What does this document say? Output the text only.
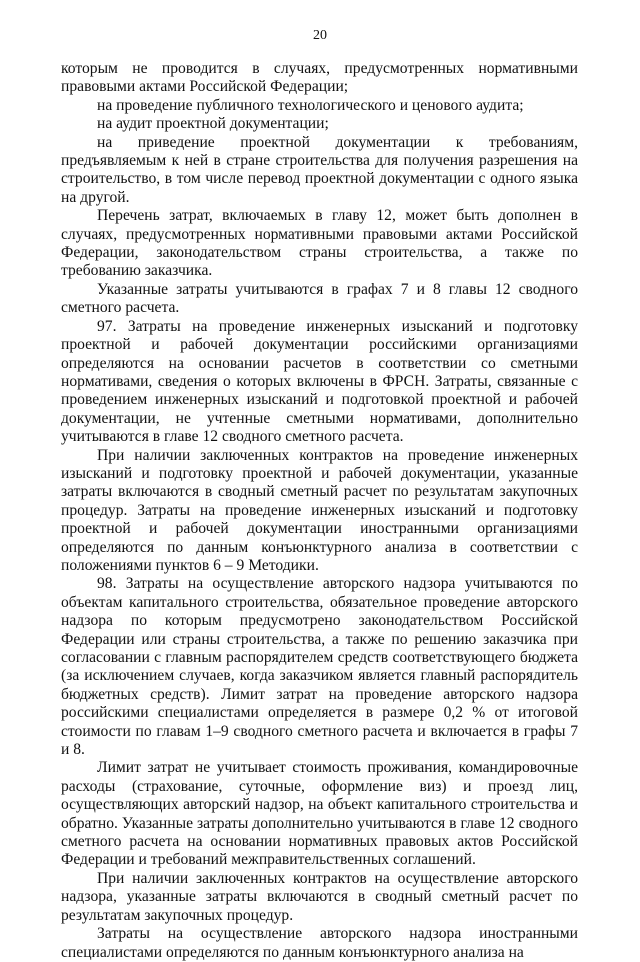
20

которым не проводится в случаях, предусмотренных нормативными правовыми актами Российской Федерации;

на проведение публичного технологического и ценового аудита;

на аудит проектной документации;

на приведение проектной документации к требованиям, предъявляемым к ней в стране строительства для получения разрешения на строительство, в том числе перевод проектной документации с одного языка на другой.

Перечень затрат, включаемых в главу 12, может быть дополнен в случаях, предусмотренных нормативными правовыми актами Российской Федерации, законодательством страны строительства, а также по требованию заказчика.

Указанные затраты учитываются в графах 7 и 8 главы 12 сводного сметного расчета.

97. Затраты на проведение инженерных изысканий и подготовку проектной и рабочей документации российскими организациями определяются на основании расчетов в соответствии со сметными нормативами, сведения о которых включены в ФРСН. Затраты, связанные с проведением инженерных изысканий и подготовкой проектной и рабочей документации, не учтенные сметными нормативами, дополнительно учитываются в главе 12 сводного сметного расчета.

При наличии заключенных контрактов на проведение инженерных изысканий и подготовку проектной и рабочей документации, указанные затраты включаются в сводный сметный расчет по результатам закупочных процедур. Затраты на проведение инженерных изысканий и подготовку проектной и рабочей документации иностранными организациями определяются по данным конъюнктурного анализа в соответствии с положениями пунктов 6 – 9 Методики.

98. Затраты на осуществление авторского надзора учитываются по объектам капитального строительства, обязательное проведение авторского надзора по которым предусмотрено законодательством Российской Федерации или страны строительства, а также по решению заказчика при согласовании с главным распорядителем средств соответствующего бюджета (за исключением случаев, когда заказчиком является главный распорядитель бюджетных средств). Лимит затрат на проведение авторского надзора российскими специалистами определяется в размере 0,2 % от итоговой стоимости по главам 1–9 сводного сметного расчета и включается в графы 7 и 8.

Лимит затрат не учитывает стоимость проживания, командировочные расходы (страхование, суточные, оформление виз) и проезд лиц, осуществляющих авторский надзор, на объект капитального строительства и обратно. Указанные затраты дополнительно учитываются в главе 12 сводного сметного расчета на основании нормативных правовых актов Российской Федерации и требований межправительственных соглашений.

При наличии заключенных контрактов на осуществление авторского надзора, указанные затраты включаются в сводный сметный расчет по результатам закупочных процедур.

Затраты на осуществление авторского надзора иностранными специалистами определяются по данным конъюнктурного анализа на
